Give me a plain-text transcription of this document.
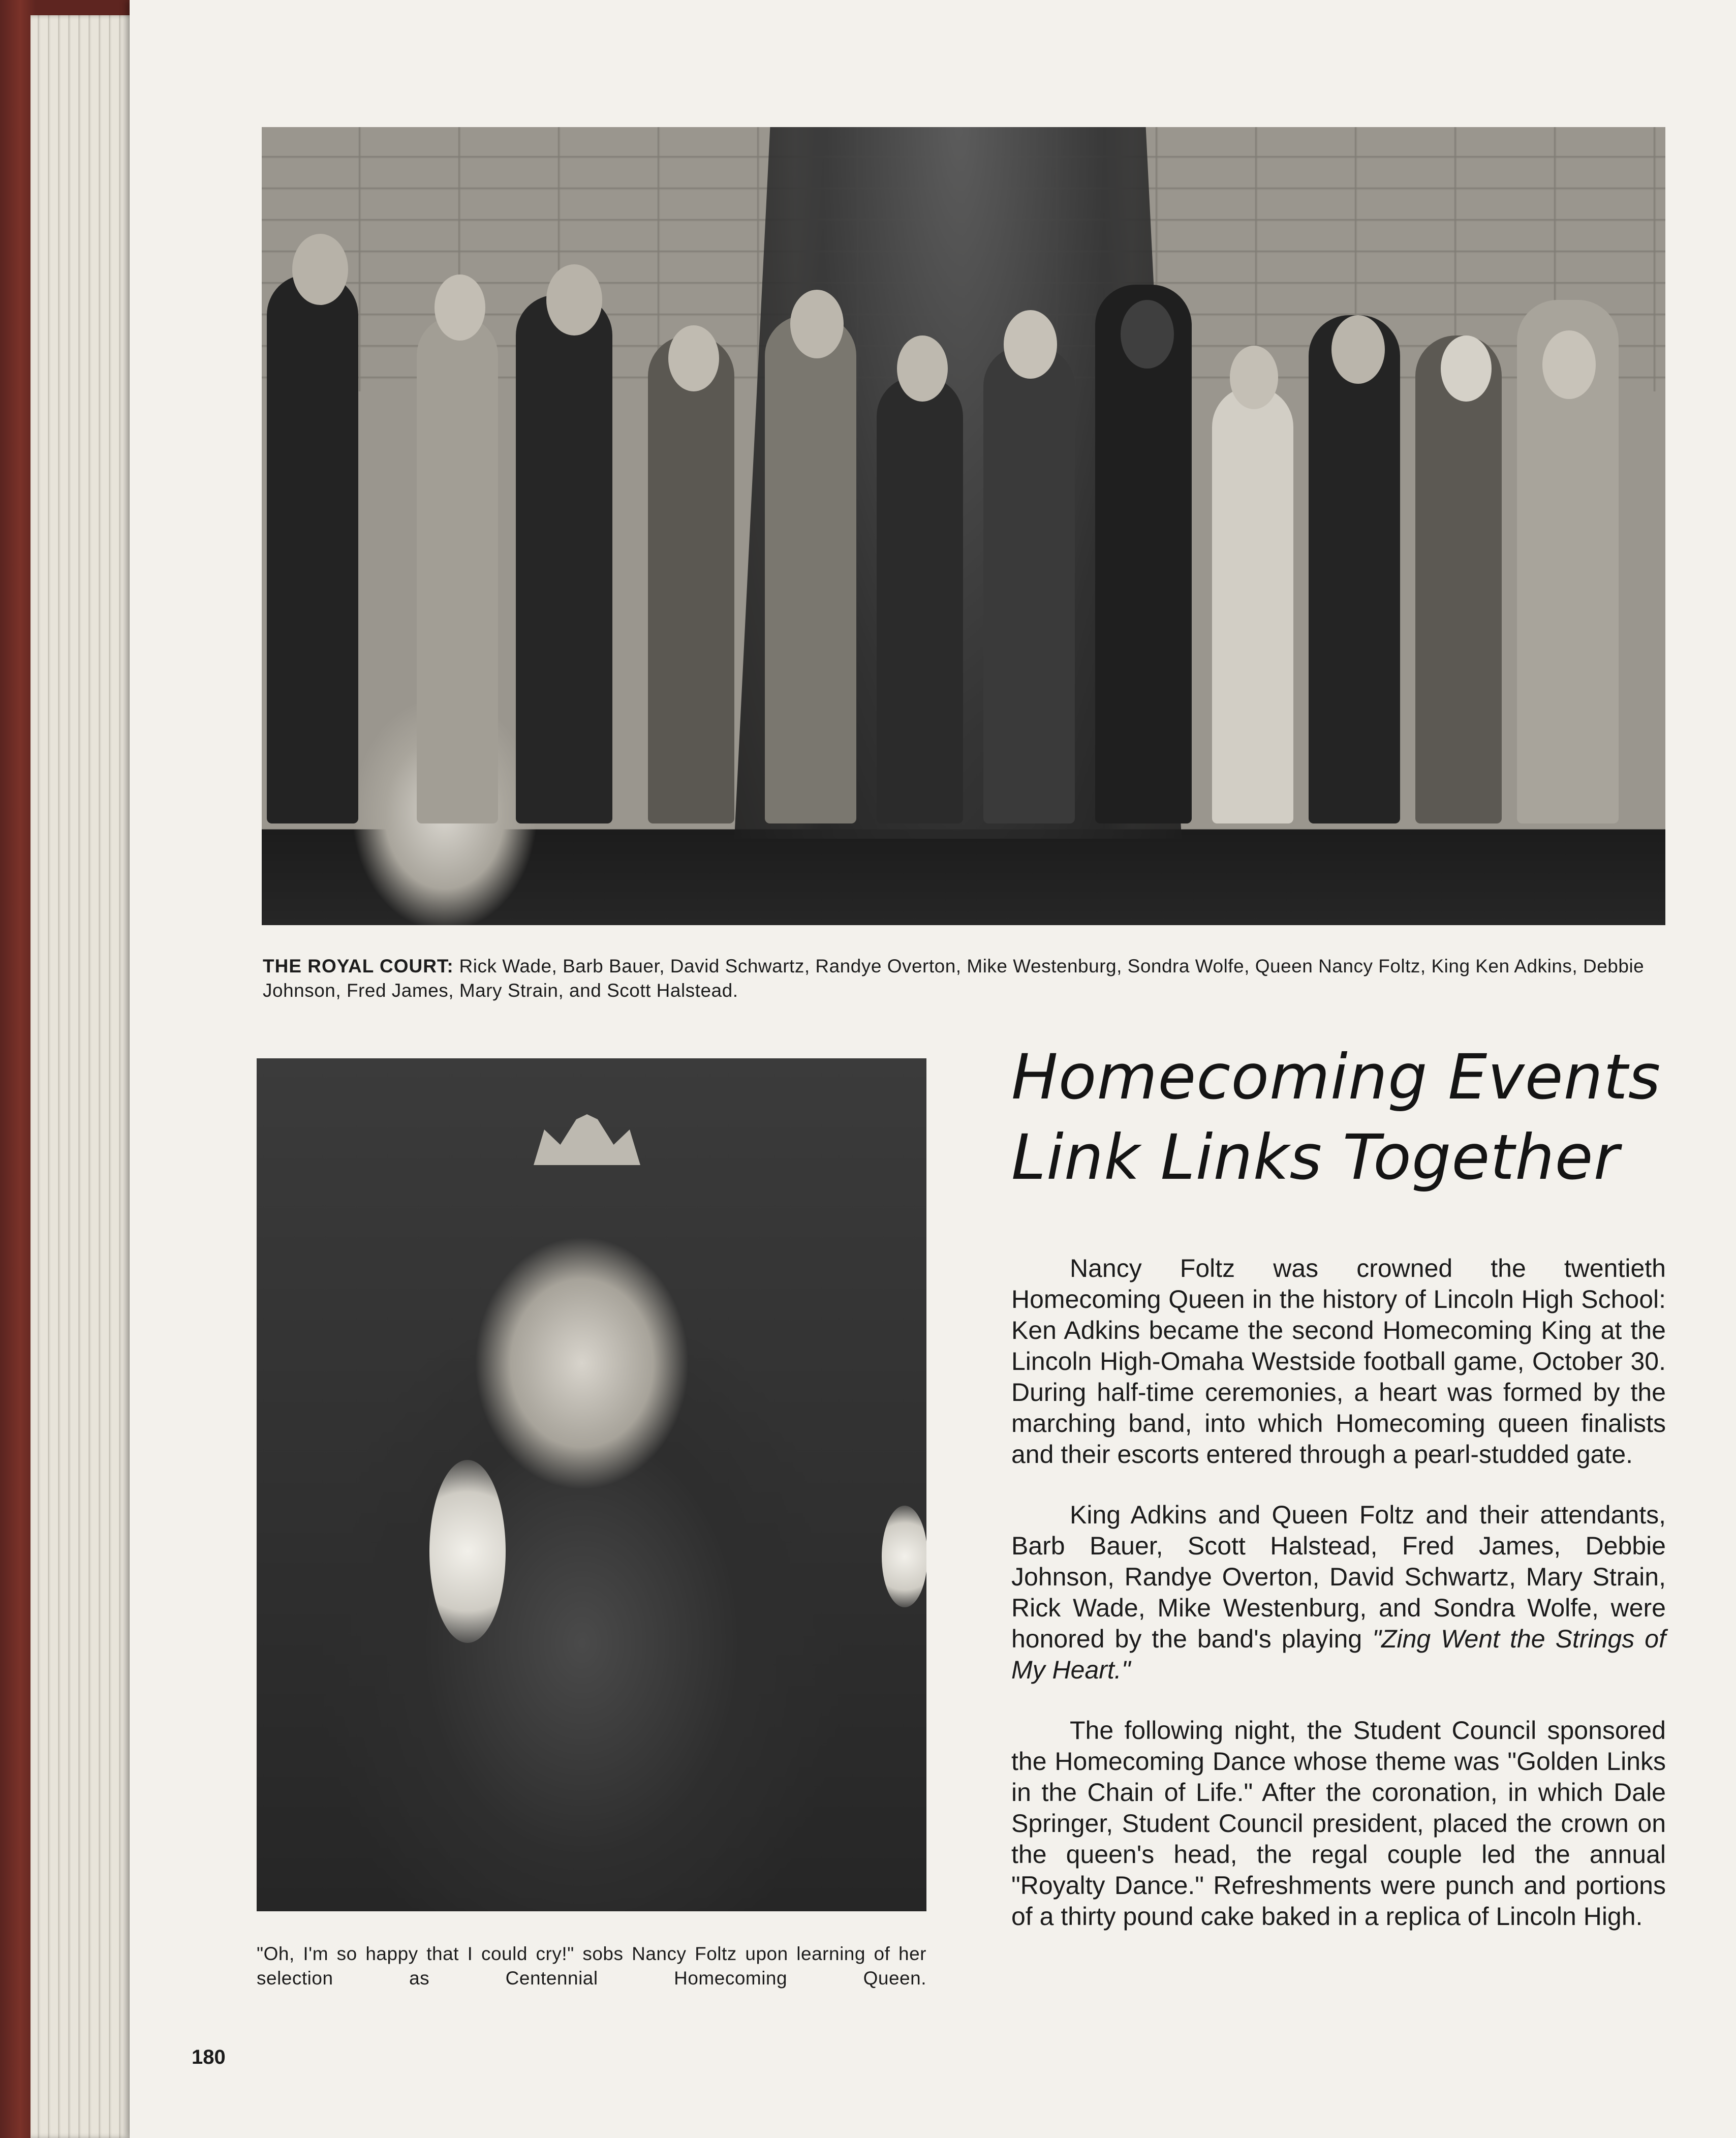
THE ROYAL COURT: Rick Wade, Barb Bauer, David Schwartz, Randye Overton, Mike Westenburg, Sondra Wolfe, Queen Nancy Foltz, King Ken Adkins, Debbie Johnson, Fred James, Mary Strain, and Scott Halstead.
"Oh, I'm so happy that I could cry!" sobs Nancy Foltz upon learning of her selection as Centennial Homecoming Queen.
Homecoming Events
Link Links Together

Nancy Foltz was crowned the twentieth Homecoming Queen in the history of Lincoln High School: Ken Adkins became the second Homecoming King at the Lincoln High-Omaha Westside football game, October 30. During half-time ceremonies, a heart was formed by the marching band, into which Homecoming queen finalists and their escorts entered through a pearl-studded gate.

King Adkins and Queen Foltz and their attendants, Barb Bauer, Scott Halstead, Fred James, Debbie Johnson, Randye Overton, David Schwartz, Mary Strain, Rick Wade, Mike Westenburg, and Sondra Wolfe, were honored by the band's playing "Zing Went the Strings of My Heart."

The following night, the Student Council sponsored the Homecoming Dance whose theme was "Golden Links in the Chain of Life." After the coronation, in which Dale Springer, Student Council president, placed the crown on the queen's head, the regal couple led the annual "Royalty Dance." Refreshments were punch and portions of a thirty pound cake baked in a replica of Lincoln High.

180
